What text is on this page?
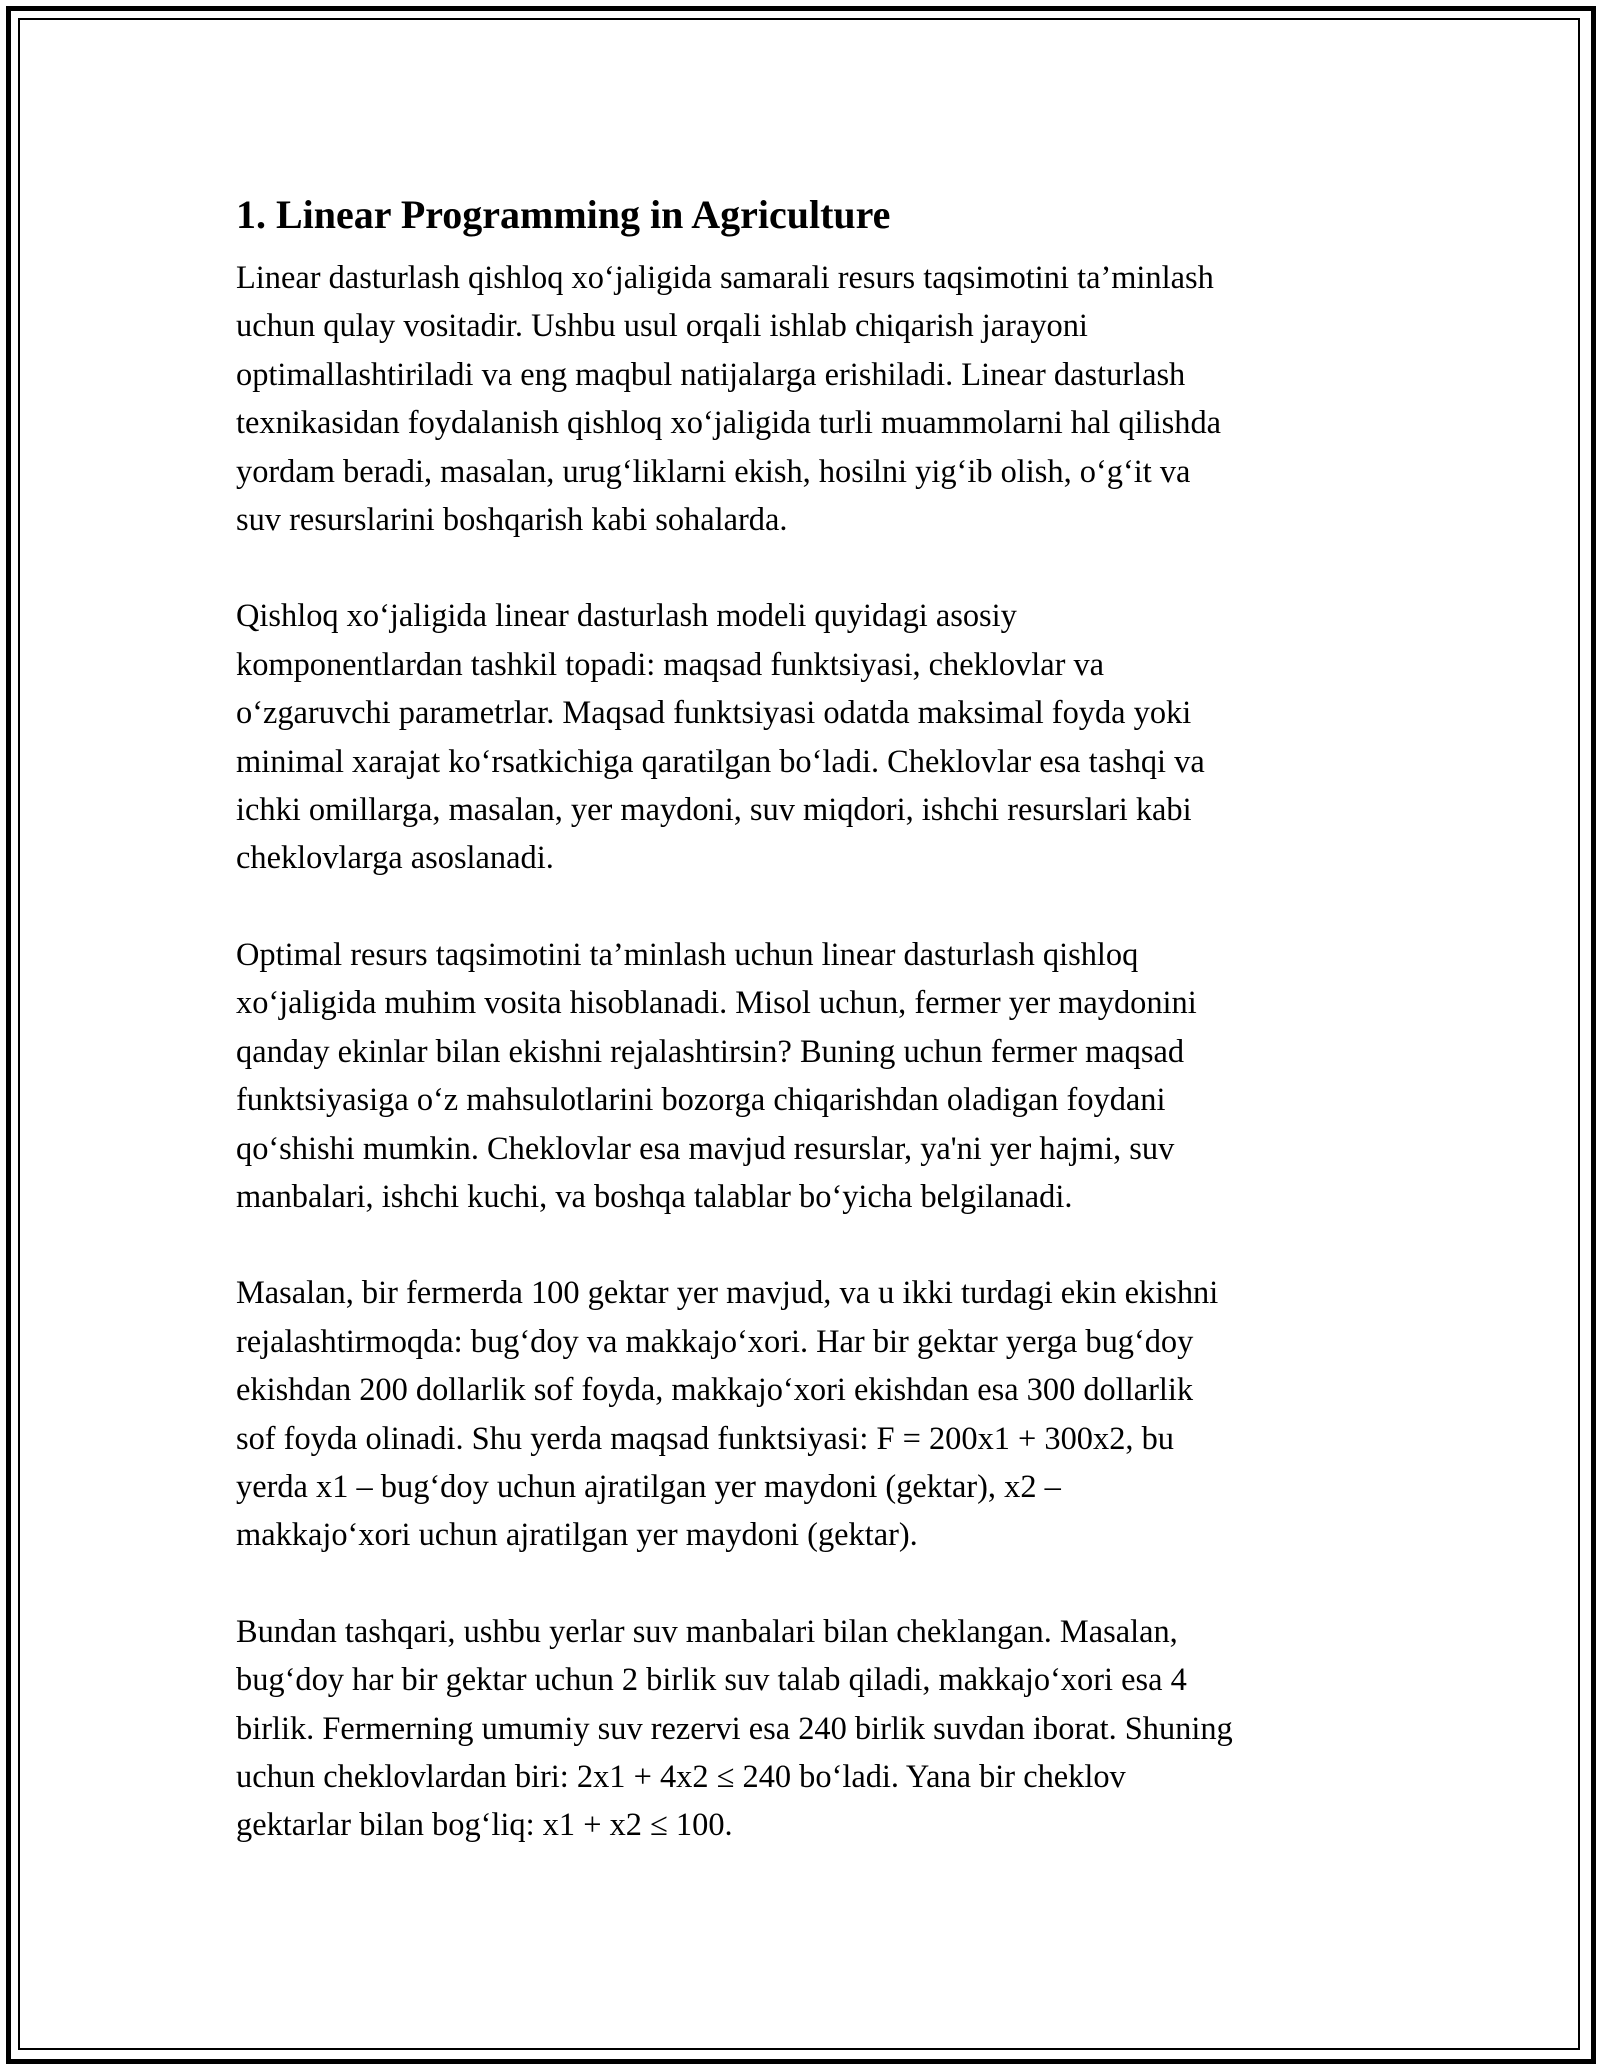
1. Linear Programming in Agriculture

Linear dasturlash qishloq xo‘jaligida samarali resurs taqsimotini ta’minlash
uchun qulay vositadir. Ushbu usul orqali ishlab chiqarish jarayoni
optimallashtiriladi va eng maqbul natijalarga erishiladi. Linear dasturlash
texnikasidan foydalanish qishloq xo‘jaligida turli muammolarni hal qilishda
yordam beradi, masalan, urug‘liklarni ekish, hosilni yig‘ib olish, o‘g‘it va
suv resurslarini boshqarish kabi sohalarda.

Qishloq xo‘jaligida linear dasturlash modeli quyidagi asosiy
komponentlardan tashkil topadi: maqsad funktsiyasi, cheklovlar va
o‘zgaruvchi parametrlar. Maqsad funktsiyasi odatda maksimal foyda yoki
minimal xarajat ko‘rsatkichiga qaratilgan bo‘ladi. Cheklovlar esa tashqi va
ichki omillarga, masalan, yer maydoni, suv miqdori, ishchi resurslari kabi
cheklovlarga asoslanadi.

Optimal resurs taqsimotini ta’minlash uchun linear dasturlash qishloq
xo‘jaligida muhim vosita hisoblanadi. Misol uchun, fermer yer maydonini
qanday ekinlar bilan ekishni rejalashtirsin? Buning uchun fermer maqsad
funktsiyasiga o‘z mahsulotlarini bozorga chiqarishdan oladigan foydani
qo‘shishi mumkin. Cheklovlar esa mavjud resurslar, ya'ni yer hajmi, suv
manbalari, ishchi kuchi, va boshqa talablar bo‘yicha belgilanadi.

Masalan, bir fermerda 100 gektar yer mavjud, va u ikki turdagi ekin ekishni
rejalashtirmoqda: bug‘doy va makkajo‘xori. Har bir gektar yerga bug‘doy
ekishdan 200 dollarlik sof foyda, makkajo‘xori ekishdan esa 300 dollarlik
sof foyda olinadi. Shu yerda maqsad funktsiyasi: F = 200x1 + 300x2, bu
yerda x1 – bug‘doy uchun ajratilgan yer maydoni (gektar), x2 –
makkajo‘xori uchun ajratilgan yer maydoni (gektar).

Bundan tashqari, ushbu yerlar suv manbalari bilan cheklangan. Masalan,
bug‘doy har bir gektar uchun 2 birlik suv talab qiladi, makkajo‘xori esa 4
birlik. Fermerning umumiy suv rezervi esa 240 birlik suvdan iborat. Shuning
uchun cheklovlardan biri: 2x1 + 4x2 ≤ 240 bo‘ladi. Yana bir cheklov
gektarlar bilan bog‘liq: x1 + x2 ≤ 100.
